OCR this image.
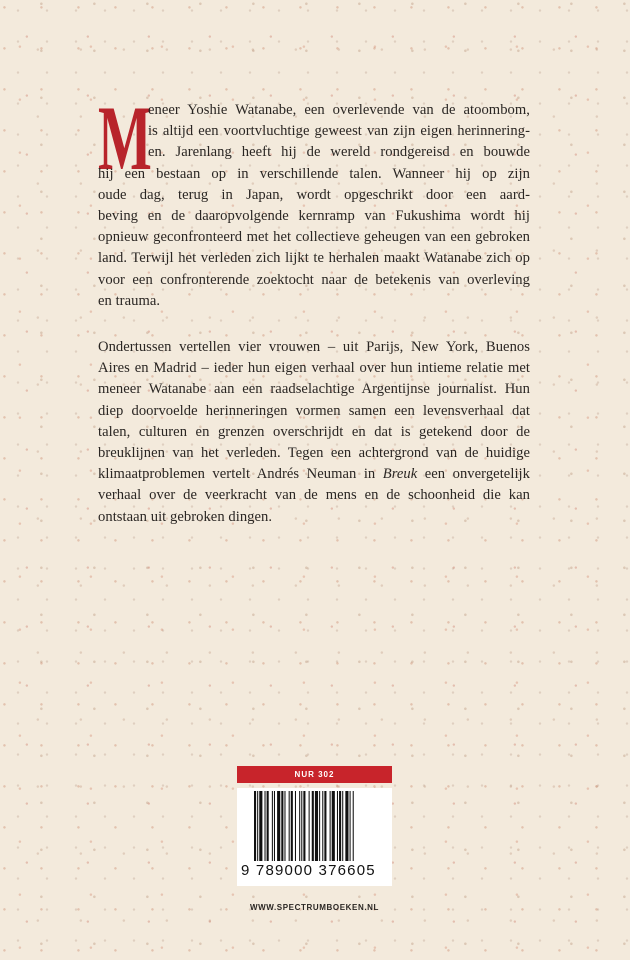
M
eneer Yoshie Watanabe, een overlevende van de atoombom,
is altijd een voortvluchtige geweest van zijn eigen herinnering-
en. Jarenlang heeft hij de wereld rondgereisd en bouwde
hij een bestaan op in verschillende talen. Wanneer hij op zijn
oude dag, terug in Japan, wordt opgeschrikt door een aard-
beving en de daaropvolgende kernramp van Fukushima wordt hij
opnieuw geconfronteerd met het collectieve geheugen van een gebroken
land. Terwijl het verleden zich lijkt te herhalen maakt Watanabe zich op
voor een confronterende zoektocht naar de betekenis van overleving
en trauma.
Ondertussen vertellen vier vrouwen – uit Parijs, New York, Buenos
Aires en Madrid – ieder hun eigen verhaal over hun intieme relatie met
meneer Watanabe aan een raadselachtige Argentijnse journalist. Hun
diep doorvoelde herinneringen vormen samen een levensverhaal dat
talen, culturen en grenzen overschrijdt en dat is getekend door de
breuklijnen van het verleden. Tegen een achtergrond van de huidige
klimaatproblemen vertelt Andrés Neuman in Breuk een onvergetelijk
verhaal over de veerkracht van de mens en de schoonheid die kan
ontstaan uit gebroken dingen.
NUR 302
9 789000 376605
WWW.SPECTRUMBOEKEN.NL
